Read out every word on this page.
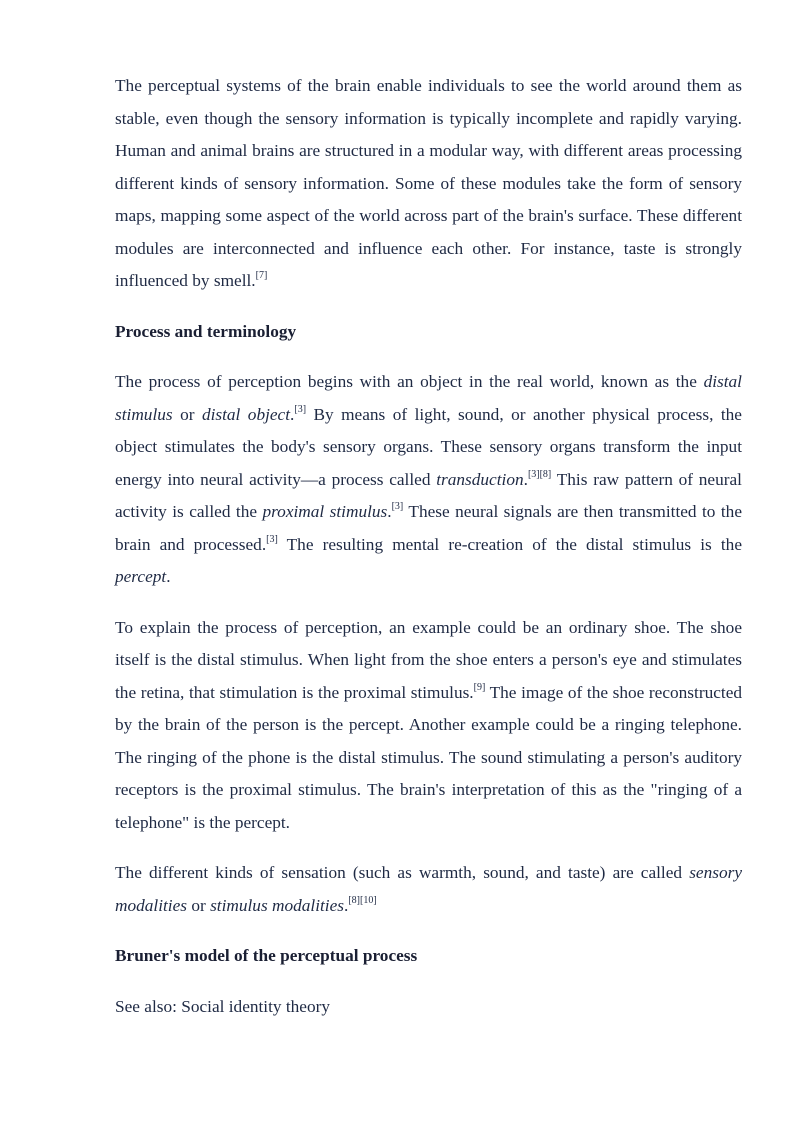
The perceptual systems of the brain enable individuals to see the world around them as stable, even though the sensory information is typically incomplete and rapidly varying. Human and animal brains are structured in a modular way, with different areas processing different kinds of sensory information. Some of these modules take the form of sensory maps, mapping some aspect of the world across part of the brain's surface. These different modules are interconnected and influence each other. For instance, taste is strongly influenced by smell.[7]

Process and terminology

The process of perception begins with an object in the real world, known as the distal stimulus or distal object.[3] By means of light, sound, or another physical process, the object stimulates the body's sensory organs. These sensory organs transform the input energy into neural activity—a process called transduction.[3][8] This raw pattern of neural activity is called the proximal stimulus.[3] These neural signals are then transmitted to the brain and processed.[3] The resulting mental re-creation of the distal stimulus is the percept.

To explain the process of perception, an example could be an ordinary shoe. The shoe itself is the distal stimulus. When light from the shoe enters a person's eye and stimulates the retina, that stimulation is the proximal stimulus.[9] The image of the shoe reconstructed by the brain of the person is the percept. Another example could be a ringing telephone. The ringing of the phone is the distal stimulus. The sound stimulating a person's auditory receptors is the proximal stimulus. The brain's interpretation of this as the "ringing of a telephone" is the percept.

The different kinds of sensation (such as warmth, sound, and taste) are called sensory modalities or stimulus modalities.[8][10]

Bruner's model of the perceptual process

See also: Social identity theory
